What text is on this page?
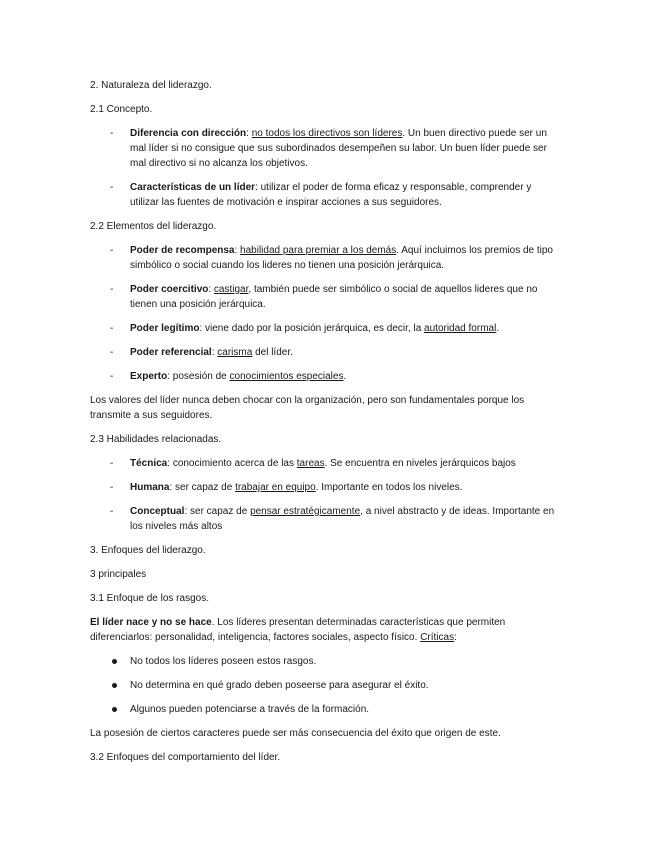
2. Naturaleza del liderazgo.

2.1 Concepto.

-	Diferencia con dirección: no todos los directivos son líderes. Un buen directivo puede ser un mal líder si no consigue que sus subordinados desempeñen su labor. Un buen líder puede ser mal directivo si no alcanza los objetivos.
-	Características de un líder: utilizar el poder de forma eficaz y responsable, comprender y utilizar las fuentes de motivación e inspirar acciones a sus seguidores.

2.2 Elementos del liderazgo.

-	Poder de recompensa: habilidad para premiar a los demás. Aquí incluimos los premios de tipo simbólico o social cuando los lideres no tienen una posición jerárquica.
-	Poder coercitivo: castigar, también puede ser simbólico o social de aquellos lideres que no tienen una posición jerárquica.
-	Poder legítimo: viene dado por la posición jerárquica, es decir, la autoridad formal.
-	Poder referencial: carisma del líder.
-	Experto: posesión de conocimientos especiales.

Los valores del líder nunca deben chocar con la organización, pero son fundamentales porque los transmite a sus seguidores.

2.3 Habilidades relacionadas.

-	Técnica: conocimiento acerca de las tareas. Se encuentra en niveles jerárquicos bajos
-	Humana: ser capaz de trabajar en equipo. Importante en todos los niveles.
-	Conceptual: ser capaz de pensar estratégicamente, a nivel abstracto y de ideas. Importante en los niveles más altos

3. Enfoques del liderazgo.

3 principales

3.1 Enfoque de los rasgos.

El líder nace y no se hace. Los líderes presentan determinadas características que permiten diferenciarlos: personalidad, inteligencia, factores sociales, aspecto físico. Críticas:

No todos los líderes poseen estos rasgos.
No determina en qué grado deben poseerse para asegurar el éxito.
Algunos pueden potenciarse a través de la formación.

La posesión de ciertos caracteres puede ser más consecuencia del éxito que origen de este.

3.2 Enfoques del comportamiento del líder.
